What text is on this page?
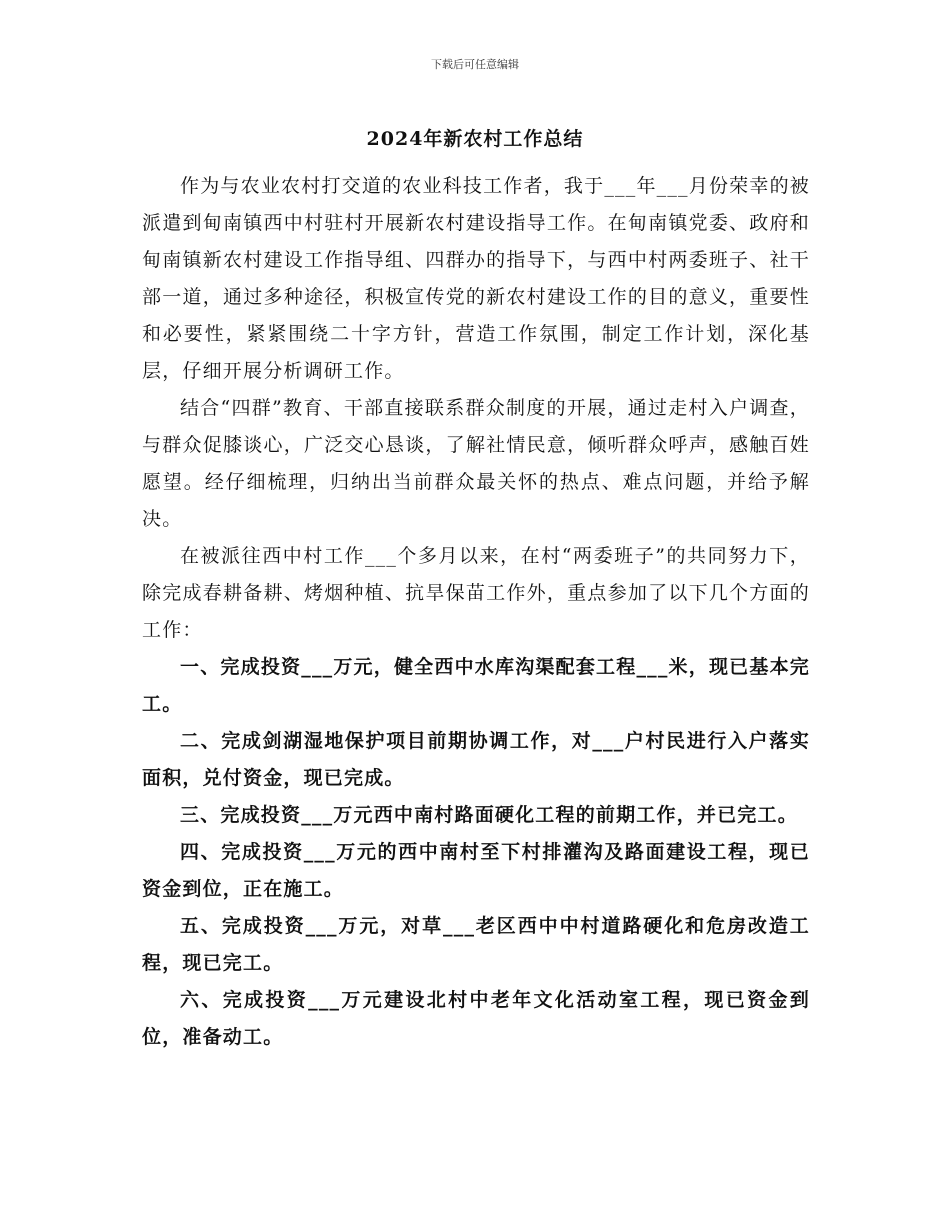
下载后可任意编辑
2024年新农村工作总结

作为与农业农村打交道的农业科技工作者，我于___年___月份荣幸的被派遣到甸南镇西中村驻村开展新农村建设指导工作。在甸南镇党委、政府和甸南镇新农村建设工作指导组、四群办的指导下，与西中村两委班子、社干部一道，通过多种途径，积极宣传党的新农村建设工作的目的意义，重要性和必要性，紧紧围绕二十字方针，营造工作氛围，制定工作计划，深化基层，仔细开展分析调研工作。

结合“四群”教育、干部直接联系群众制度的开展，通过走村入户调查，与群众促膝谈心，广泛交心恳谈，了解社情民意，倾听群众呼声，感触百姓愿望。经仔细梳理，归纳出当前群众最关怀的热点、难点问题，并给予解决。

在被派往西中村工作___个多月以来，在村“两委班子”的共同努力下，除完成春耕备耕、烤烟种植、抗旱保苗工作外，重点参加了以下几个方面的工作：

一、完成投资___万元，健全西中水库沟渠配套工程___米，现已基本完工。

二、完成剑湖湿地保护项目前期协调工作，对___户村民进行入户落实面积，兑付资金，现已完成。

三、完成投资___万元西中南村路面硬化工程的前期工作，并已完工。

四、完成投资___万元的西中南村至下村排灌沟及路面建设工程，现已资金到位，正在施工。

五、完成投资___万元，对草___老区西中中村道路硬化和危房改造工程，现已完工。

六、完成投资___万元建设北村中老年文化活动室工程，现已资金到位，准备动工。
